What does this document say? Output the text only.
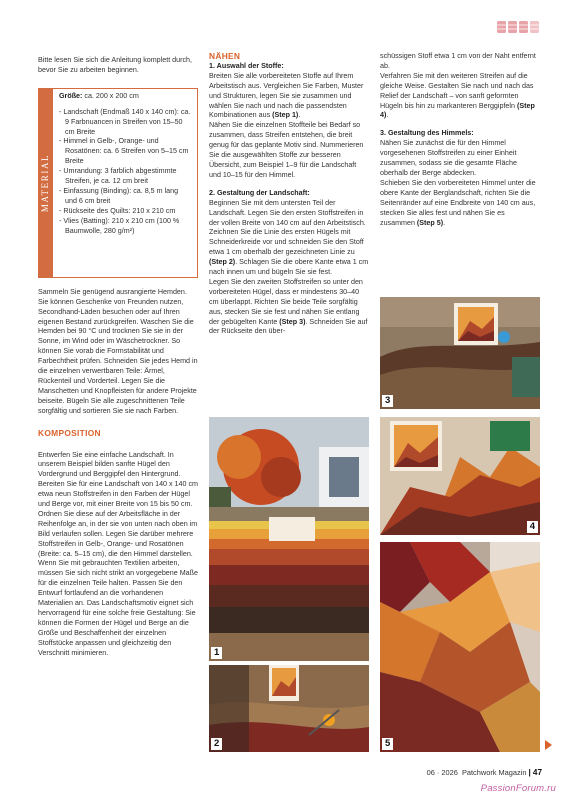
Bitte lesen Sie sich die Anleitung komplett durch, bevor Sie zu arbeiten beginnen.

MATERIAL

Größe: ca. 200 x 200 cm

- Landschaft (Endmaß 140 x 140 cm): ca. 9 Farbnuancen in Streifen von 15–50 cm Breite
- Himmel in Gelb-, Orange- und Rosatönen: ca. 6 Streifen von 5–15 cm Breite
- Umrandung: 3 farblich abgestimmte Streifen, je ca. 12 cm breit
- Einfassung (Binding): ca. 8,5 m lang und 6 cm breit
- Rückseite des Quilts: 210 x 210 cm
- Vlies (Batting): 210 x 210 cm (100 % Baumwolle, 280 g/m²)

Sammeln Sie genügend ausrangierte Hemden. Sie können Geschenke von Freunden nutzen, Secondhand-Läden besuchen oder auf Ihren eigenen Bestand zurückgreifen. Waschen Sie die Hemden bei 90 °C und trocknen Sie sie in der Sonne, im Wind oder im Wäschetrockner. So können Sie vorab die Formstabilität und Farbechtheit prüfen. Schneiden Sie jedes Hemd in die einzelnen verwertbaren Teile: Ärmel, Rückenteil und Vorderteil. Legen Sie die Manschetten und Knopfleisten für andere Projekte beiseite. Bügeln Sie alle zugeschnittenen Teile sorgfältig und sortieren Sie sie nach Farben.

KOMPOSITION

Entwerfen Sie eine einfache Landschaft. In unserem Beispiel bilden sanfte Hügel den Vordergrund und Berggipfel den Hintergrund. Bereiten Sie für eine Landschaft von 140 x 140 cm etwa neun Stoffstreifen in den Farben der Hügel und Berge vor, mit einer Breite von 15 bis 50 cm. Ordnen Sie diese auf der Arbeitsfläche in der Reihenfolge an, in der sie von unten nach oben im Bild verlaufen sollen. Legen Sie darüber mehrere Stoffstreifen in Gelb-, Orange- und Rosatönen (Breite: ca. 5–15 cm), die den Himmel darstellen. Wenn Sie mit gebrauchten Textilien arbeiten, müssen Sie sich nicht strikt an vorgegebene Maße für die einzelnen Teile halten. Passen Sie den Entwurf fortlaufend an die vorhandenen Materialien an. Das Landschaftsmotiv eignet sich hervorragend für eine solche freie Gestaltung: Sie können die Formen der Hügel und Berge an die Größe und Beschaffenheit der einzelnen Stoffstücke anpassen und gleichzeitig den Verschnitt minimieren.

NÄHEN

1. Auswahl der Stoffe:

Breiten Sie alle vorbereiteten Stoffe auf Ihrem Arbeitstisch aus. Vergleichen Sie Farben, Muster und Strukturen, legen Sie sie zusammen und wählen Sie nach und nach die passendsten Kombinationen aus (Step 1).

Nähen Sie die einzelnen Stoffteile bei Bedarf so zusammen, dass Streifen entstehen, die breit genug für das geplante Motiv sind. Nummerieren Sie die ausgewählten Stoffe zur besseren Übersicht, zum Beispiel 1–9 für die Landschaft und 10–15 für den Himmel.

2. Gestaltung der Landschaft:

Beginnen Sie mit dem untersten Teil der Landschaft. Legen Sie den ersten Stoffstreifen in der vollen Breite von 140 cm auf den Arbeitstisch. Zeichnen Sie die Linie des ersten Hügels mit Schneiderkreide vor und schneiden Sie den Stoff etwa 1 cm oberhalb der gezeichneten Linie zu (Step 2). Schlagen Sie die obere Kante etwa 1 cm nach innen um und bügeln Sie sie fest.

Legen Sie den zweiten Stoffstreifen so unter den vorbereiteten Hügel, dass er mindestens 30–40 cm überlappt. Richten Sie beide Teile sorgfältig aus, stecken Sie sie fest und nähen Sie entlang der gebügelten Kante (Step 3). Schneiden Sie auf der Rückseite den über-

schüssigen Stoff etwa 1 cm von der Naht entfernt ab.

Verfahren Sie mit den weiteren Streifen auf die gleiche Weise. Gestalten Sie nach und nach das Relief der Landschaft – von sanft geformten Hügeln bis hin zu markanteren Berggipfeln (Step 4).

3. Gestaltung des Himmels:

Nähen Sie zunächst die für den Himmel vorgesehenen Stoffstreifen zu einer Einheit zusammen, sodass sie die gesamte Fläche oberhalb der Berge abdecken.

Schieben Sie den vorbereiteten Himmel unter die obere Kante der Berglandschaft, richten Sie die Seitenränder auf eine Endbreite von 140 cm aus, stecken Sie alles fest und nähen Sie es zusammen (Step 5).

3
4
5
1
2
06 · 2026 Patchwork Magazin | 47
PassionForum.ru
